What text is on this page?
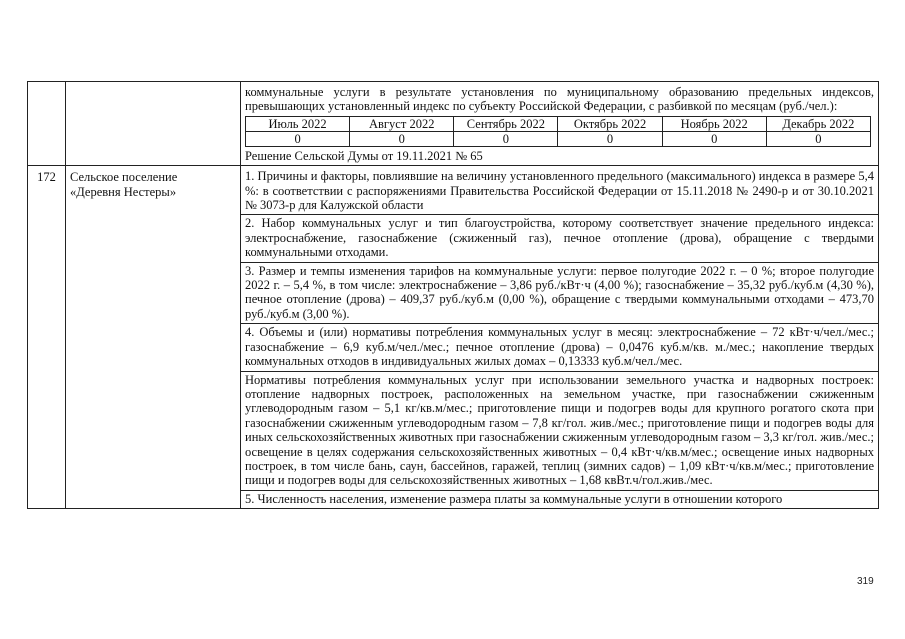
коммунальные услуги в результате установления по муниципальному образованию предельных индексов, превышающих установленный индекс по субъекту Российской Федерации, с разбивкой по месяцам (руб./чел.):
Июль 2022	Август 2022	Сентябрь 2022	Октябрь 2022	Ноябрь 2022	Декабрь 2022
0	0	0	0	0	0
Решение Сельской Думы от 19.11.2021 № 65

172	Сельское поселение
«Деревня Нестеры»

1. Причины и факторы, повлиявшие на величину установленного предельного (максимального) индекса в размере 5,4 %: в соответствии с распоряжениями Правительства Российской Федерации от 15.11.2018 № 2490-р и от 30.10.2021 № 3073-р для Калужской области
2. Набор коммунальных услуг и тип благоустройства, которому соответствует значение предельного индекса: электроснабжение, газоснабжение (сжиженный газ), печное отопление (дрова), обращение с твердыми коммунальными отходами.
3. Размер и темпы изменения тарифов на коммунальные услуги: первое полугодие 2022 г. – 0 %; второе полугодие 2022 г. – 5,4 %, в том числе: электроснабжение – 3,86 руб./кВт·ч (4,00 %); газоснабжение – 35,32 руб./куб.м (4,30 %), печное отопление (дрова) – 409,37 руб./куб.м (0,00 %), обращение с твердыми коммунальными отходами – 473,70 руб./куб.м (3,00 %).
4. Объемы и (или) нормативы потребления коммунальных услуг в месяц: электроснабжение – 72 кВт·ч/чел./мес.; газоснабжение – 6,9 куб.м/чел./мес.; печное отопление (дрова) – 0,0476 куб.м/кв. м./мес.; накопление твердых коммунальных отходов в индивидуальных жилых домах – 0,13333 куб.м/чел./мес.
Нормативы потребления коммунальных услуг при использовании земельного участка и надворных построек: отопление надворных построек, расположенных на земельном участке, при газоснабжении сжиженным углеводородным газом – 5,1 кг/кв.м/мес.; приготовление пищи и подогрев воды для крупного рогатого скота при газоснабжении сжиженным углеводородным газом – 7,8 кг/гол. жив./мес.; приготовление пищи и подогрев воды для иных сельскохозяйственных животных при газоснабжении сжиженным углеводородным газом – 3,3 кг/гол. жив./мес.; освещение в целях содержания сельскохозяйственных животных – 0,4 кВт·ч/кв.м/мес.; освещение иных надворных построек, в том числе бань, саун, бассейнов, гаражей, теплиц (зимних садов) – 1,09 кВт·ч/кв.м/мес.; приготовление пищи и подогрев воды для сельскохозяйственных животных – 1,68 квВт.ч/гол.жив./мес.
5. Численность населения, изменение размера платы за коммунальные услуги в отношении которого
319
